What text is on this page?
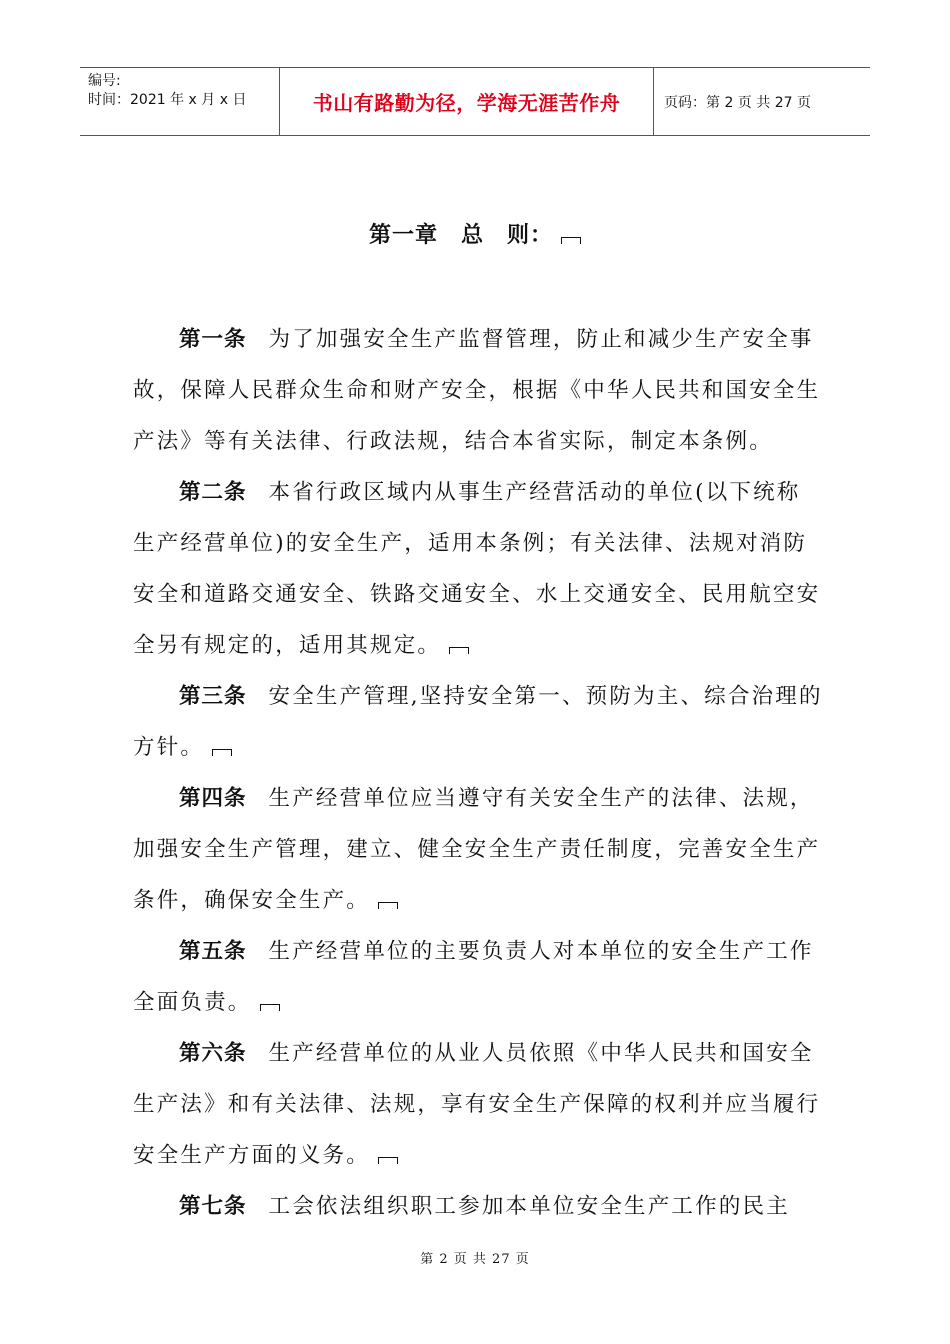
编号:
时间：2021 年 x 月 x 日	书山有路勤为径，学海无涯苦作舟	页码：第 2 页 共 27 页
第一章　总　则：

第一条 为了加强安全生产监督管理，防止和减少生产安全事故，保障人民群众生命和财产安全，根据《中华人民共和国安全生产法》等有关法律、行政法规，结合本省实际，制定本条例。

第二条 本省行政区域内从事生产经营活动的单位(以下统称生产经营单位)的安全生产，适用本条例；有关法律、法规对消防安全和道路交通安全、铁路交通安全、水上交通安全、民用航空安全另有规定的，适用其规定。

第三条 安全生产管理,坚持安全第一、预防为主、综合治理的方针。

第四条 生产经营单位应当遵守有关安全生产的法律、法规，加强安全生产管理，建立、健全安全生产责任制度，完善安全生产条件，确保安全生产。

第五条 生产经营单位的主要负责人对本单位的安全生产工作全面负责。

第六条 生产经营单位的从业人员依照《中华人民共和国安全生产法》和有关法律、法规，享有安全生产保障的权利并应当履行安全生产方面的义务。

第七条 工会依法组织职工参加本单位安全生产工作的民主

第 2 页 共 27 页
